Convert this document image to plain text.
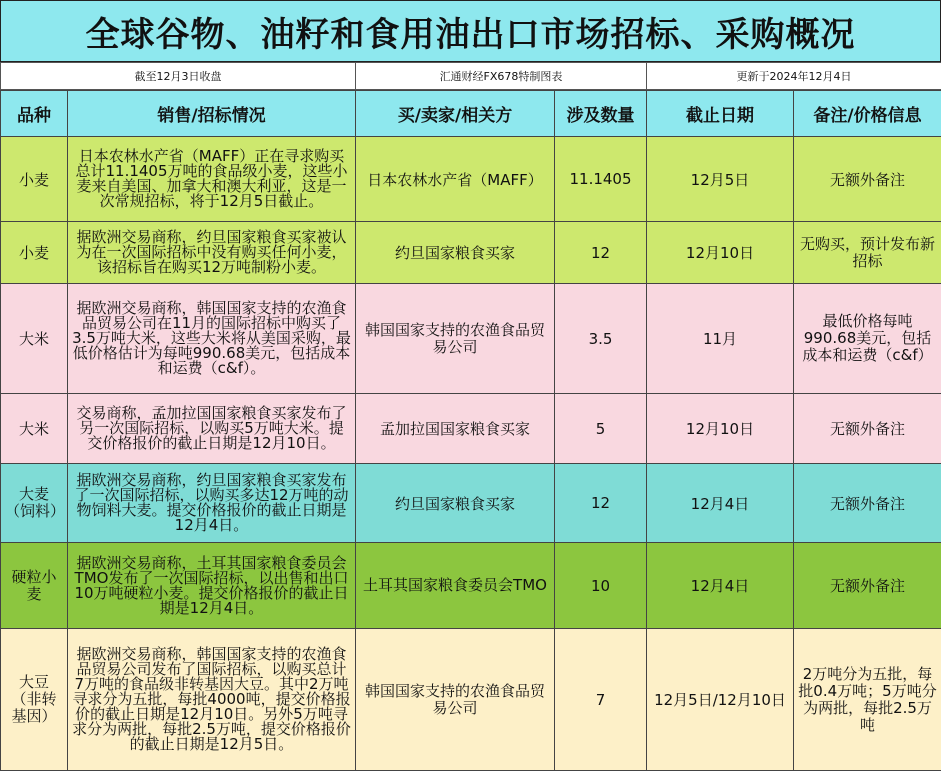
全球谷物、油籽和食用油出口市场招标、采购概况
截至12月3日收盘	汇通财经FX678特制图表	更新于2024年12月4日
品种	销售/招标情况	买/卖家/相关方	涉及数量	截止日期	备注/价格信息
小麦	日本农林水产省（MAFF）正在寻求购买总计11.1405万吨的食品级小麦，这些小麦来自美国、加拿大和澳大利亚，这是一次常规招标，将于12月5日截止。	日本农林水产省（MAFF）	11.1405	12月5日	无额外备注
小麦	据欧洲交易商称，约旦国家粮食买家被认为在一次国际招标中没有购买任何小麦，该招标旨在购买12万吨制粉小麦。	约旦国家粮食买家	12	12月10日	无购买，预计发布新招标
大米	据欧洲交易商称，韩国国家支持的农渔食品贸易公司在11月的国际招标中购买了3.5万吨大米，这些大米将从美国采购，最低价格估计为每吨990.68美元，包括成本和运费（c&f）。	韩国国家支持的农渔食品贸易公司	3.5	11月	最低价格每吨990.68美元，包括成本和运费（c&f）
大米	交易商称，孟加拉国国家粮食买家发布了另一次国际招标，以购买5万吨大米。提交价格报价的截止日期是12月10日。	孟加拉国国家粮食买家	5	12月10日	无额外备注
大麦（饲料）	据欧洲交易商称，约旦国家粮食买家发布了一次国际招标，以购买多达12万吨的动物饲料大麦。提交价格报价的截止日期是12月4日。	约旦国家粮食买家	12	12月4日	无额外备注
硬粒小麦	据欧洲交易商称，土耳其国家粮食委员会TMO发布了一次国际招标，以出售和出口10万吨硬粒小麦。提交价格报价的截止日期是12月4日。	土耳其国家粮食委员会TMO	10	12月4日	无额外备注
大豆（非转基因）	据欧洲交易商称，韩国国家支持的农渔食品贸易公司发布了国际招标，以购买总计7万吨的食品级非转基因大豆。其中2万吨寻求分为五批，每批4000吨，提交价格报价的截止日期是12月10日。另外5万吨寻求分为两批，每批2.5万吨，提交价格报价的截止日期是12月5日。	韩国国家支持的农渔食品贸易公司	7	12月5日/12月10日	2万吨分为五批，每批0.4万吨；5万吨分为两批，每批2.5万吨
